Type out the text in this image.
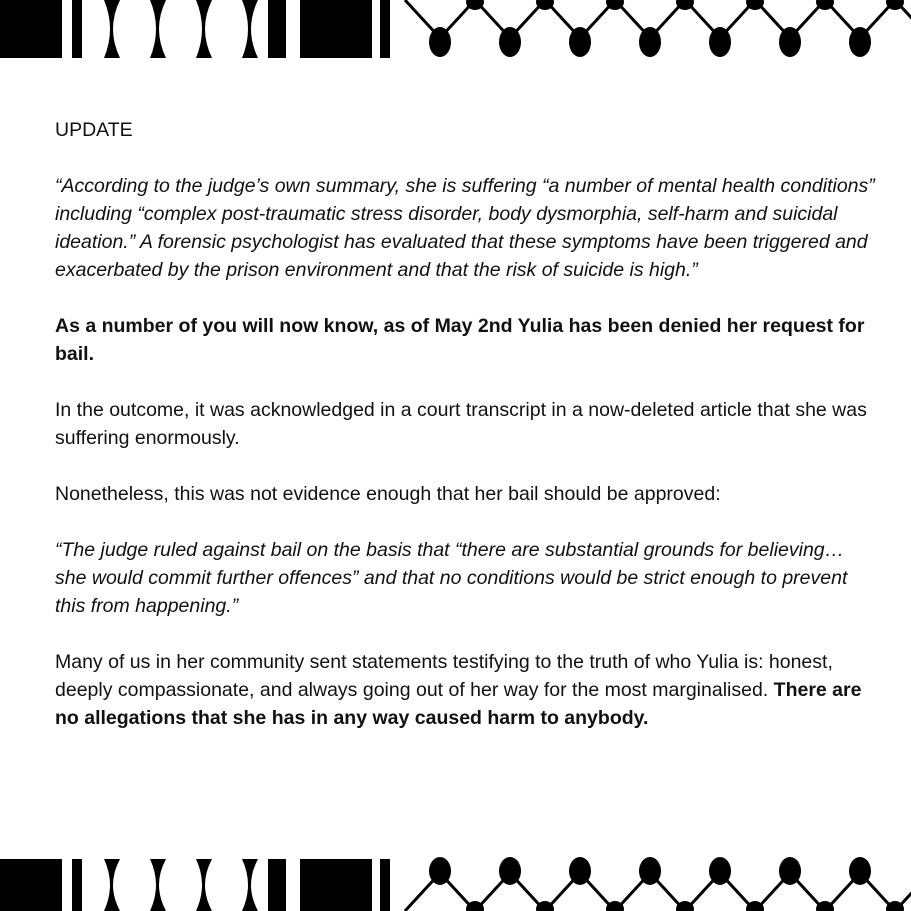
UPDATE

“According to the judge’s own summary, she is suffering “a number of mental health conditions” including “complex post-traumatic stress disorder, body dysmorphia, self-harm and suicidal ideation.” A forensic psychologist has evaluated that these symptoms have been triggered and exacerbated by the prison environment and that the risk of suicide is high.”

As a number of you will now know, as of May 2nd Yulia has been denied her request for bail.

In the outcome, it was acknowledged in a court transcript in a now-deleted article that she was suffering enormously.

Nonetheless, this was not evidence enough that her bail should be approved:

“The judge ruled against bail on the basis that “there are substantial grounds for believing… she would commit further offences” and that no conditions would be strict enough to prevent this from happening.”

Many of us in her community sent statements testifying to the truth of who Yulia is: honest, deeply compassionate, and always going out of her way for the most marginalised. There are no allegations that she has in any way caused harm to anybody.
